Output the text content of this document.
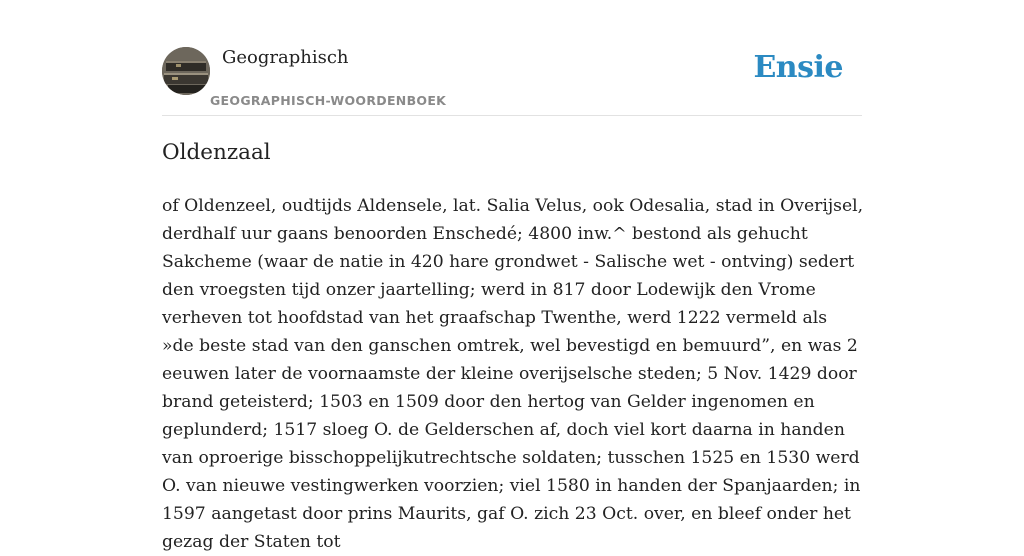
Geographisch
GEOGRAPHISCH-WOORDENBOEK
Ensie
Oldenzaal

of Oldenzeel, oudtijds Aldensele, lat. Salia Velus, ook Odesalia, stad in Overijsel, derdhalf uur gaans benoorden Enschedé; 4800 inw.^ bestond als gehucht Sakcheme (waar de natie in 420 hare grondwet - Salische wet - ontving) sedert den vroegsten tijd onzer jaartelling; werd in 817 door Lodewijk den Vrome verheven tot hoofdstad van het graafschap Twenthe, werd 1222 vermeld als »de beste stad van den ganschen omtrek, wel bevestigd en bemuurd”, en was 2 eeuwen later de voornaamste der kleine overijselsche steden; 5 Nov. 1429 door brand geteisterd; 1503 en 1509 door den hertog van Gelder ingenomen en geplunderd; 1517 sloeg O. de Gelderschen af, doch viel kort daarna in handen van oproerige bisschoppelijkutrechtsche soldaten; tusschen 1525 en 1530 werd O. van nieuwe vestingwerken voorzien; viel 1580 in handen der Spanjaarden; in 1597 aangetast door prins Maurits, gaf O. zich 23 Oct. over, en bleef onder het gezag der Staten tot
